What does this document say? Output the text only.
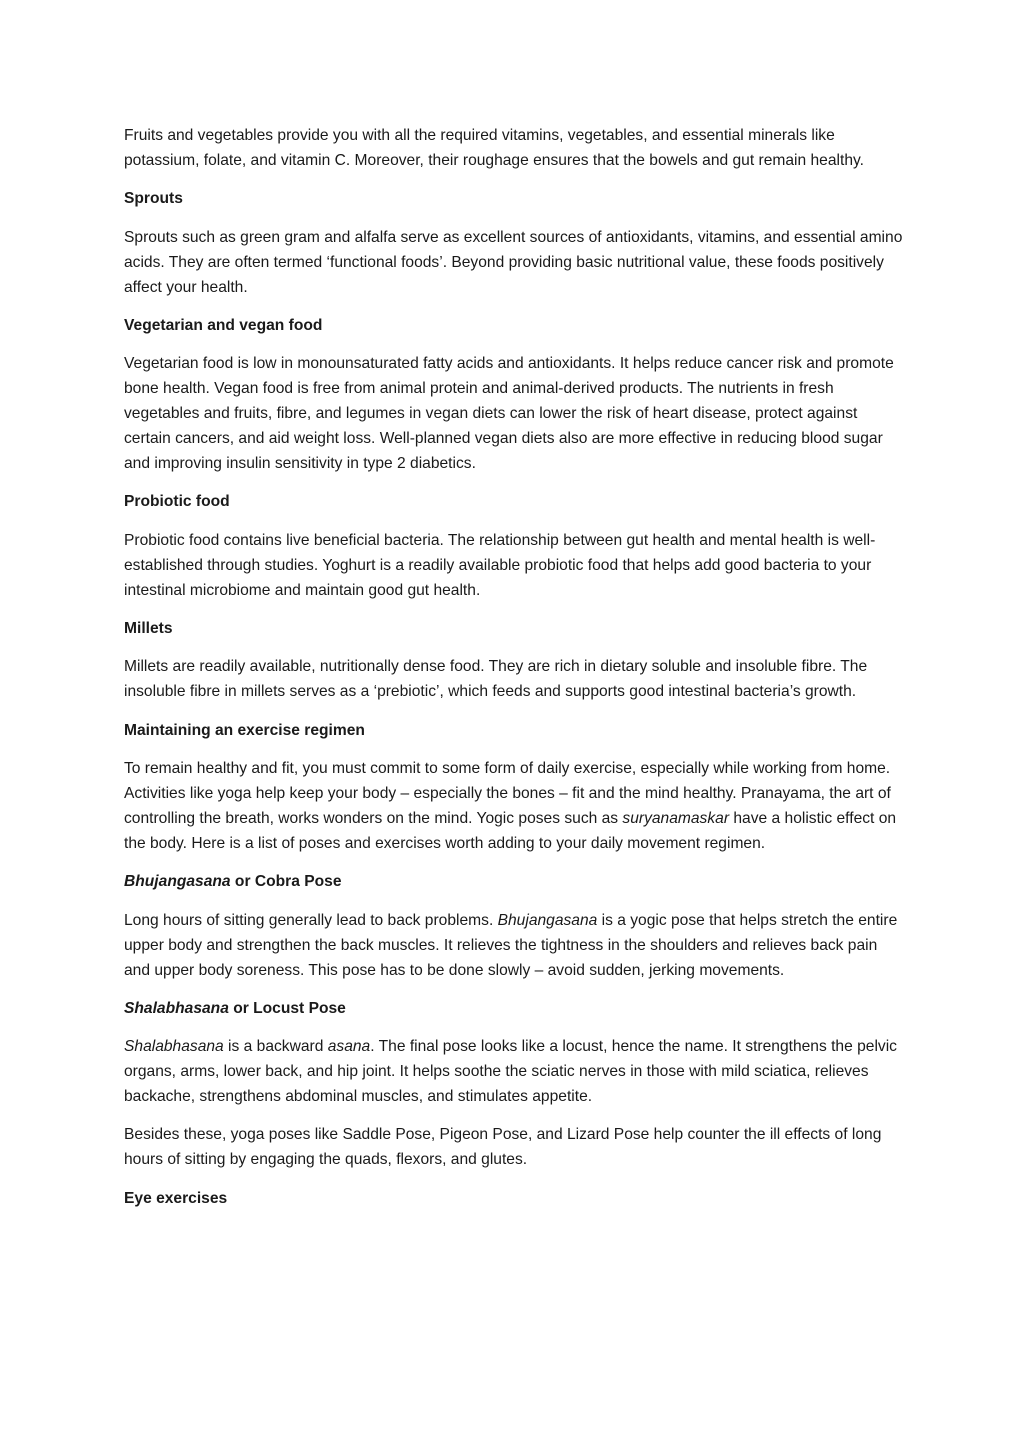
Fruits and vegetables provide you with all the required vitamins, vegetables, and essential minerals like potassium, folate, and vitamin C. Moreover, their roughage ensures that the bowels and gut remain healthy.

Sprouts

Sprouts such as green gram and alfalfa serve as excellent sources of antioxidants, vitamins, and essential amino acids. They are often termed ‘functional foods’. Beyond providing basic nutritional value, these foods positively affect your health.

Vegetarian and vegan food

Vegetarian food is low in monounsaturated fatty acids and antioxidants. It helps reduce cancer risk and promote bone health. Vegan food is free from animal protein and animal-derived products. The nutrients in fresh vegetables and fruits, fibre, and legumes in vegan diets can lower the risk of heart disease, protect against certain cancers, and aid weight loss. Well-planned vegan diets also are more effective in reducing blood sugar and improving insulin sensitivity in type 2 diabetics.

Probiotic food

Probiotic food contains live beneficial bacteria. The relationship between gut health and mental health is well-established through studies. Yoghurt is a readily available probiotic food that helps add good bacteria to your intestinal microbiome and maintain good gut health.

Millets

Millets are readily available, nutritionally dense food. They are rich in dietary soluble and insoluble fibre. The insoluble fibre in millets serves as a ‘prebiotic’, which feeds and supports good intestinal bacteria’s growth.

Maintaining an exercise regimen

To remain healthy and fit, you must commit to some form of daily exercise, especially while working from home. Activities like yoga help keep your body – especially the bones – fit and the mind healthy. Pranayama, the art of controlling the breath, works wonders on the mind. Yogic poses such as suryanamaskar have a holistic effect on the body. Here is a list of poses and exercises worth adding to your daily movement regimen.

Bhujangasana or Cobra Pose

Long hours of sitting generally lead to back problems. Bhujangasana is a yogic pose that helps stretch the entire upper body and strengthen the back muscles. It relieves the tightness in the shoulders and relieves back pain and upper body soreness. This pose has to be done slowly – avoid sudden, jerking movements.

Shalabhasana or Locust Pose

Shalabhasana is a backward asana. The final pose looks like a locust, hence the name. It strengthens the pelvic organs, arms, lower back, and hip joint. It helps soothe the sciatic nerves in those with mild sciatica, relieves backache, strengthens abdominal muscles, and stimulates appetite.

Besides these, yoga poses like Saddle Pose, Pigeon Pose, and Lizard Pose help counter the ill effects of long hours of sitting by engaging the quads, flexors, and glutes.

Eye exercises
